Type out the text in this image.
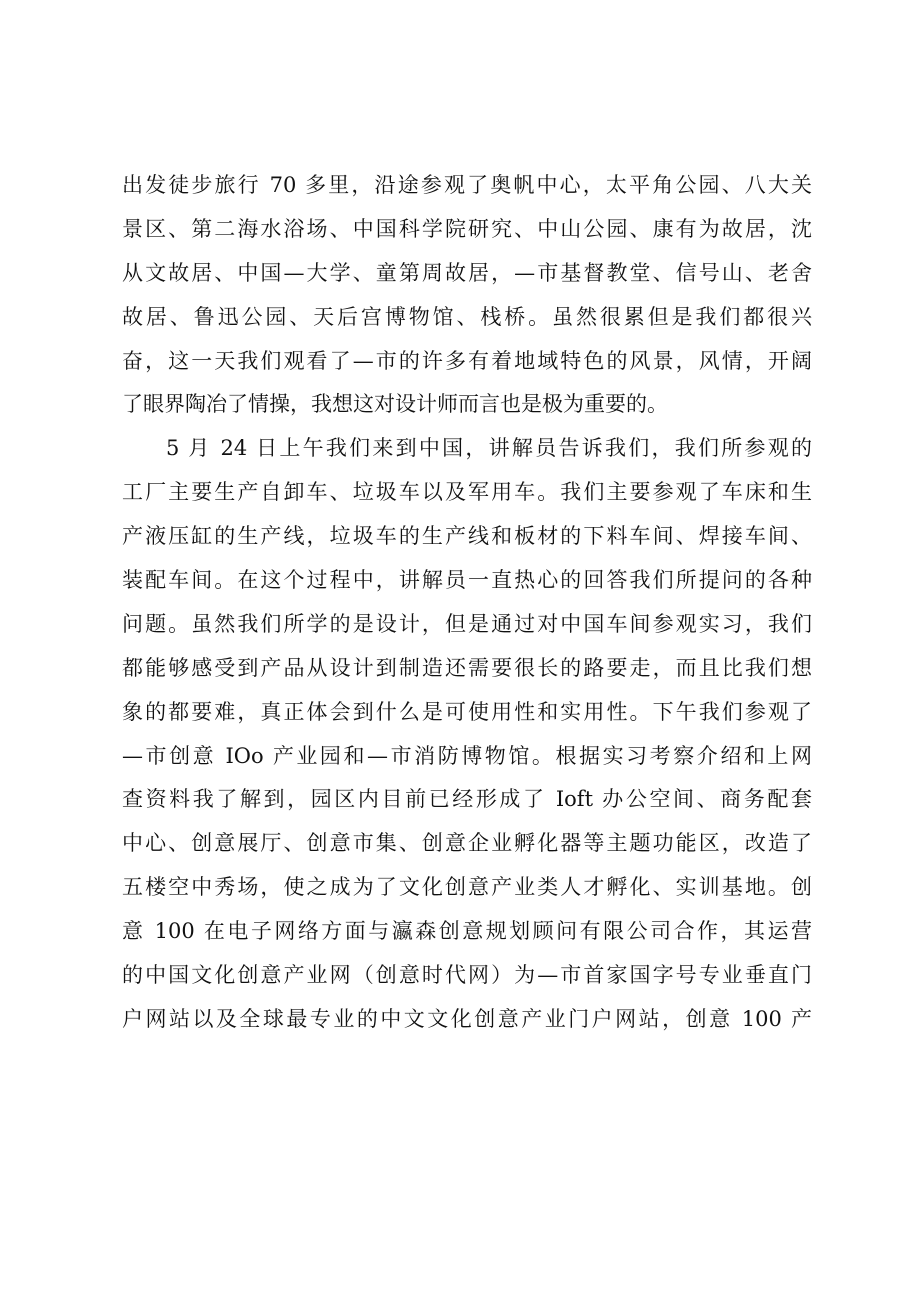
出发徒步旅行 70 多里，沿途参观了奥帆中心，太平角公园、八大关
景区、第二海水浴场、中国科学院研究、中山公园、康有为故居，沈
从文故居、中国—大学、童第周故居，—市基督教堂、信号山、老舍
故居、鲁迅公园、天后宫博物馆、栈桥。虽然很累但是我们都很兴
奋，这一天我们观看了—市的许多有着地域特色的风景，风情，开阔
了眼界陶冶了情操，我想这对设计师而言也是极为重要的。
5 月 24 日上午我们来到中国，讲解员告诉我们，我们所参观的
工厂主要生产自卸车、垃圾车以及军用车。我们主要参观了车床和生
产液压缸的生产线，垃圾车的生产线和板材的下料车间、焊接车间、
装配车间。在这个过程中，讲解员一直热心的回答我们所提问的各种
问题。虽然我们所学的是设计，但是通过对中国车间参观实习，我们
都能够感受到产品从设计到制造还需要很长的路要走，而且比我们想
象的都要难，真正体会到什么是可使用性和实用性。下午我们参观了
—市创意 IOo 产业园和—市消防博物馆。根据实习考察介绍和上网
查资料我了解到，园区内目前已经形成了 Ioft 办公空间、商务配套
中心、创意展厅、创意市集、创意企业孵化器等主题功能区，改造了
五楼空中秀场，使之成为了文化创意产业类人才孵化、实训基地。创
意 100 在电子网络方面与瀛森创意规划顾问有限公司合作，其运营
的中国文化创意产业网（创意时代网）为—市首家国字号专业垂直门
户网站以及全球最专业的中文文化创意产业门户网站，创意 100 产
